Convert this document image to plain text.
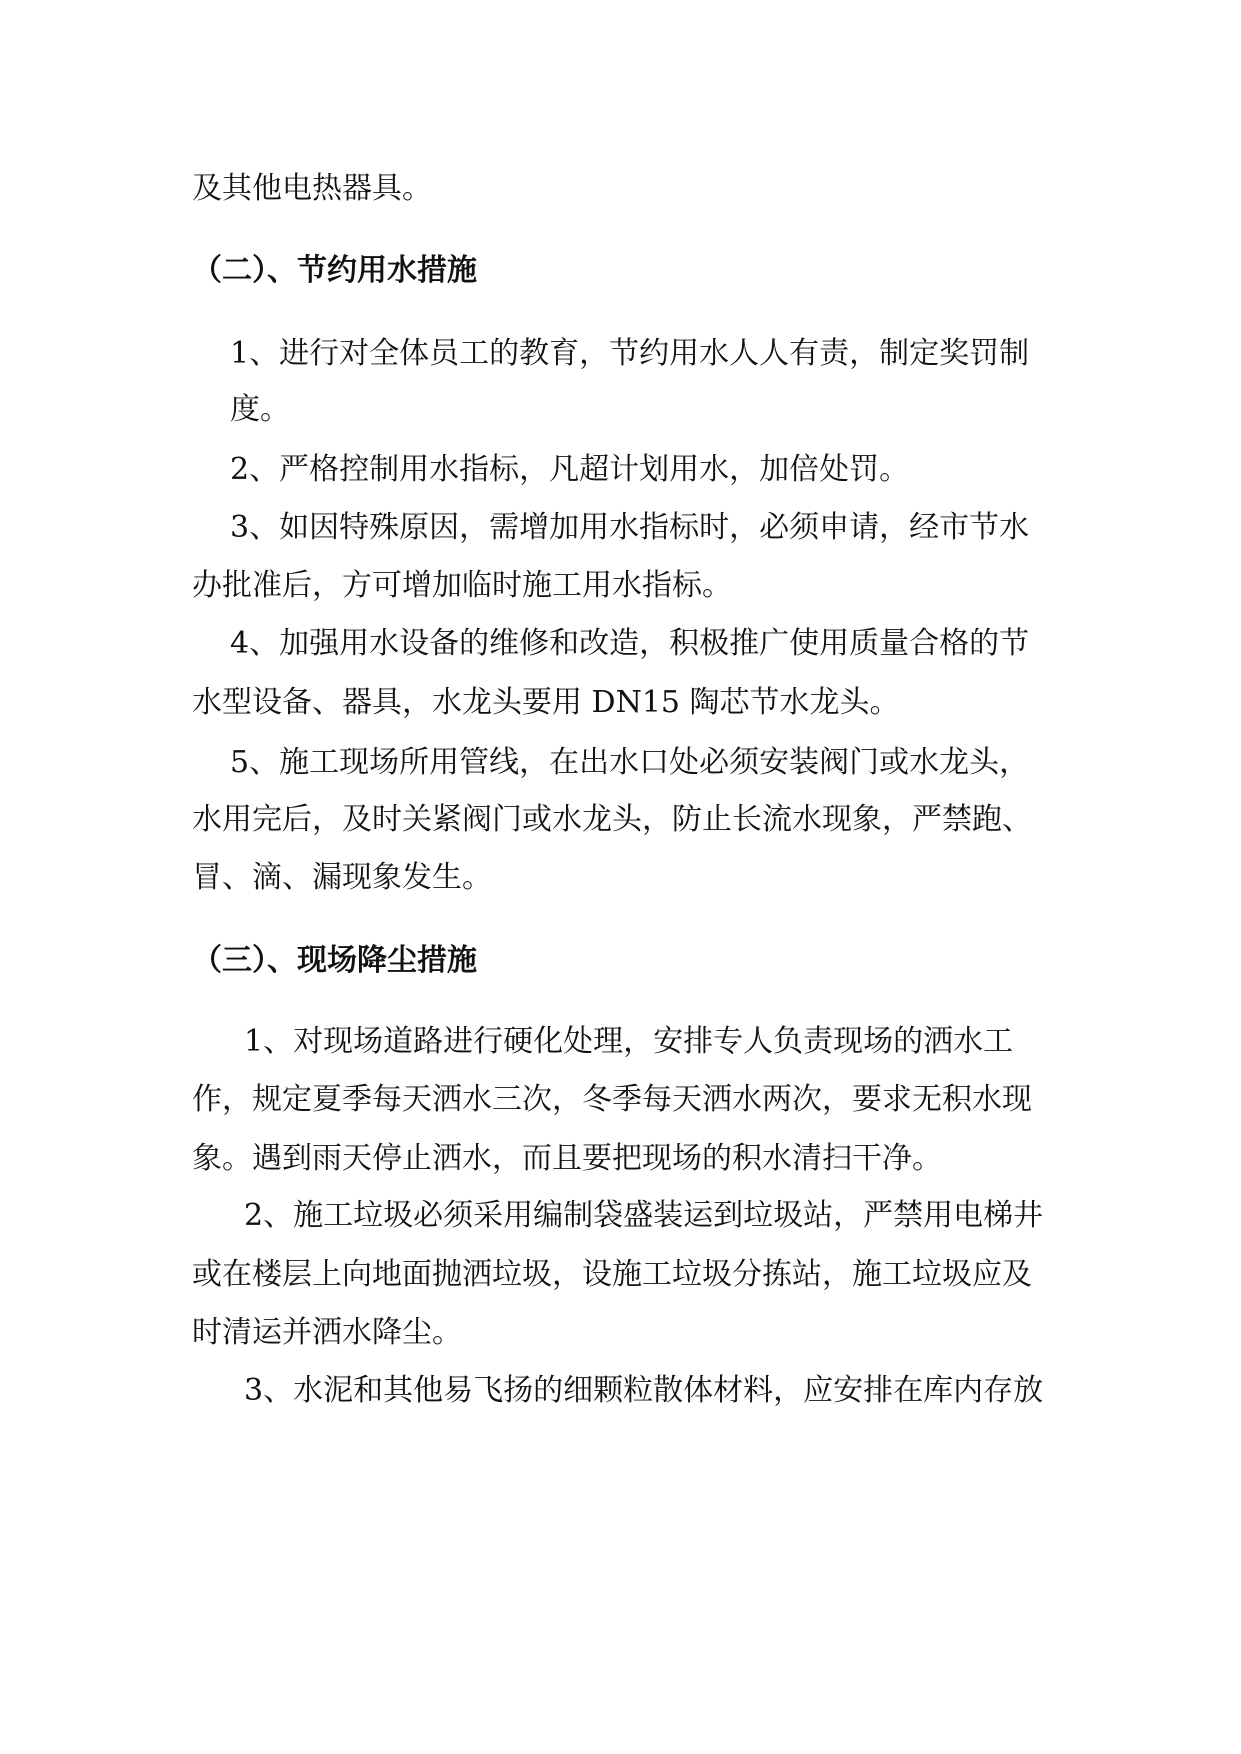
及其他电热器具。
（二）、节约用水措施
1、进行对全体员工的教育，节约用水人人有责，制定奖罚制
度。
2、严格控制用水指标，凡超计划用水，加倍处罚。
3、如因特殊原因，需增加用水指标时，必须申请，经市节水
办批准后，方可增加临时施工用水指标。
4、加强用水设备的维修和改造，积极推广使用质量合格的节
水型设备、器具，水龙头要用 DN15 陶芯节水龙头。
5、施工现场所用管线，在出水口处必须安装阀门或水龙头，
水用完后，及时关紧阀门或水龙头，防止长流水现象，严禁跑、
冒、滴、漏现象发生。
（三）、现场降尘措施
1、对现场道路进行硬化处理，安排专人负责现场的洒水工
作，规定夏季每天洒水三次，冬季每天洒水两次，要求无积水现
象。遇到雨天停止洒水，而且要把现场的积水清扫干净。
2、施工垃圾必须采用编制袋盛装运到垃圾站，严禁用电梯井
或在楼层上向地面抛洒垃圾，设施工垃圾分拣站，施工垃圾应及
时清运并洒水降尘。
3、水泥和其他易飞扬的细颗粒散体材料，应安排在库内存放
